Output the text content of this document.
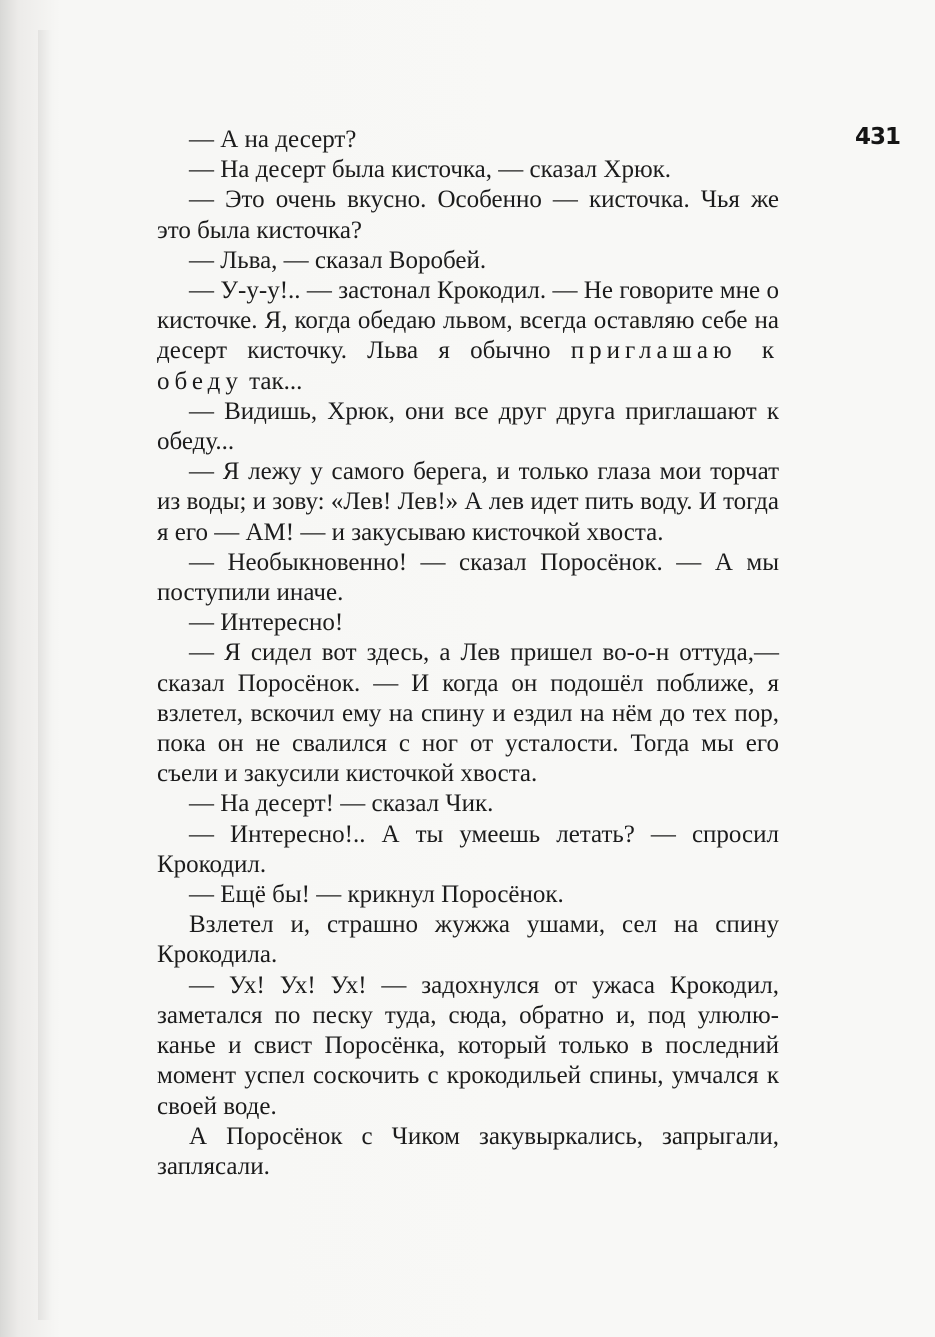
431

— А на десерт?

— На десерт была кисточка, — сказал Хрюк.

— Это очень вкусно. Особенно — кисточка. Чья же это была кисточка?

— Льва, — сказал Воробей.

— У-у-у!.. — застонал Крокодил. — Не говорите мне о кисточке. Я, когда обедаю львом, всегда оставляю себе на десерт кисточку. Льва я обычно приглашаю к обеду так...

— Видишь, Хрюк, они все друг друга приглашают к обеду...

— Я лежу у самого берега, и только глаза мои торчат из воды; и зову: «Лев! Лев!» А лев идет пить воду. И тогда я его — АМ! — и закусываю кисточкой хвоста.

— Необыкновенно! — сказал Поросёнок. — А мы поступили иначе.

— Интересно!

— Я сидел вот здесь, а Лев пришел во-о-н оттуда,— сказал Поросёнок. — И когда он подошёл поближе, я взлетел, вскочил ему на спину и ездил на нём до тех пор, пока он не свалился с ног от усталости. Тогда мы его съели и закусили кисточкой хвоста.

— На десерт! — сказал Чик.

— Интересно!.. А ты умеешь летать? — спросил Крокодил.

— Ещё бы! — крикнул Поросёнок.

Взлетел и, страшно жужжа ушами, сел на спину Крокодила.

— Ух! Ух! Ух! — задохнулся от ужаса Крокодил, заметался по песку туда, сюда, обратно и, под улюлюканье и свист Поросёнка, который только в последний момент успел соскочить с крокодильей спины, умчался к своей воде.

А Поросёнок с Чиком закувыркались, запрыгали, заплясали.
